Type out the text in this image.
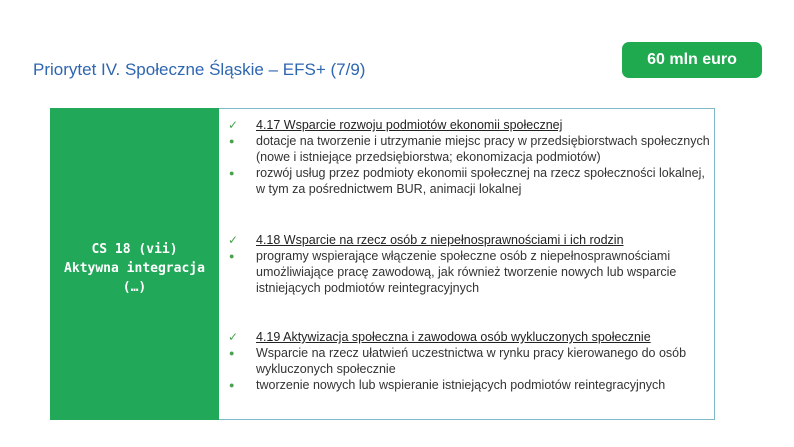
Priorytet IV. Społeczne Śląskie – EFS+ (7/9)
60 mln euro
CS 18 (vii)
Aktywna integracja
(…)
✓	4.17 Wsparcie rozwoju podmiotów ekonomii społecznej
●	dotacje na tworzenie i utrzymanie miejsc pracy w przedsiębiorstwach społecznych (nowe i istniejące przedsiębiorstwa; ekonomizacja podmiotów)
●	rozwój usług przez podmioty ekonomii społecznej na rzecz społeczności lokalnej, w tym za pośrednictwem BUR, animacji lokalnej
✓	4.18 Wsparcie na rzecz osób z niepełnosprawnościami i ich rodzin
●	programy wspierające włączenie społeczne osób z niepełnosprawnościami umożliwiające pracę zawodową, jak również tworzenie nowych lub wsparcie istniejących podmiotów reintegracyjnych
✓	4.19 Aktywizacja społeczna i zawodowa osób wykluczonych społecznie
●	Wsparcie na rzecz ułatwień uczestnictwa w rynku pracy kierowanego do osób wykluczonych społecznie
●	tworzenie nowych lub wspieranie istniejących podmiotów reintegracyjnych
